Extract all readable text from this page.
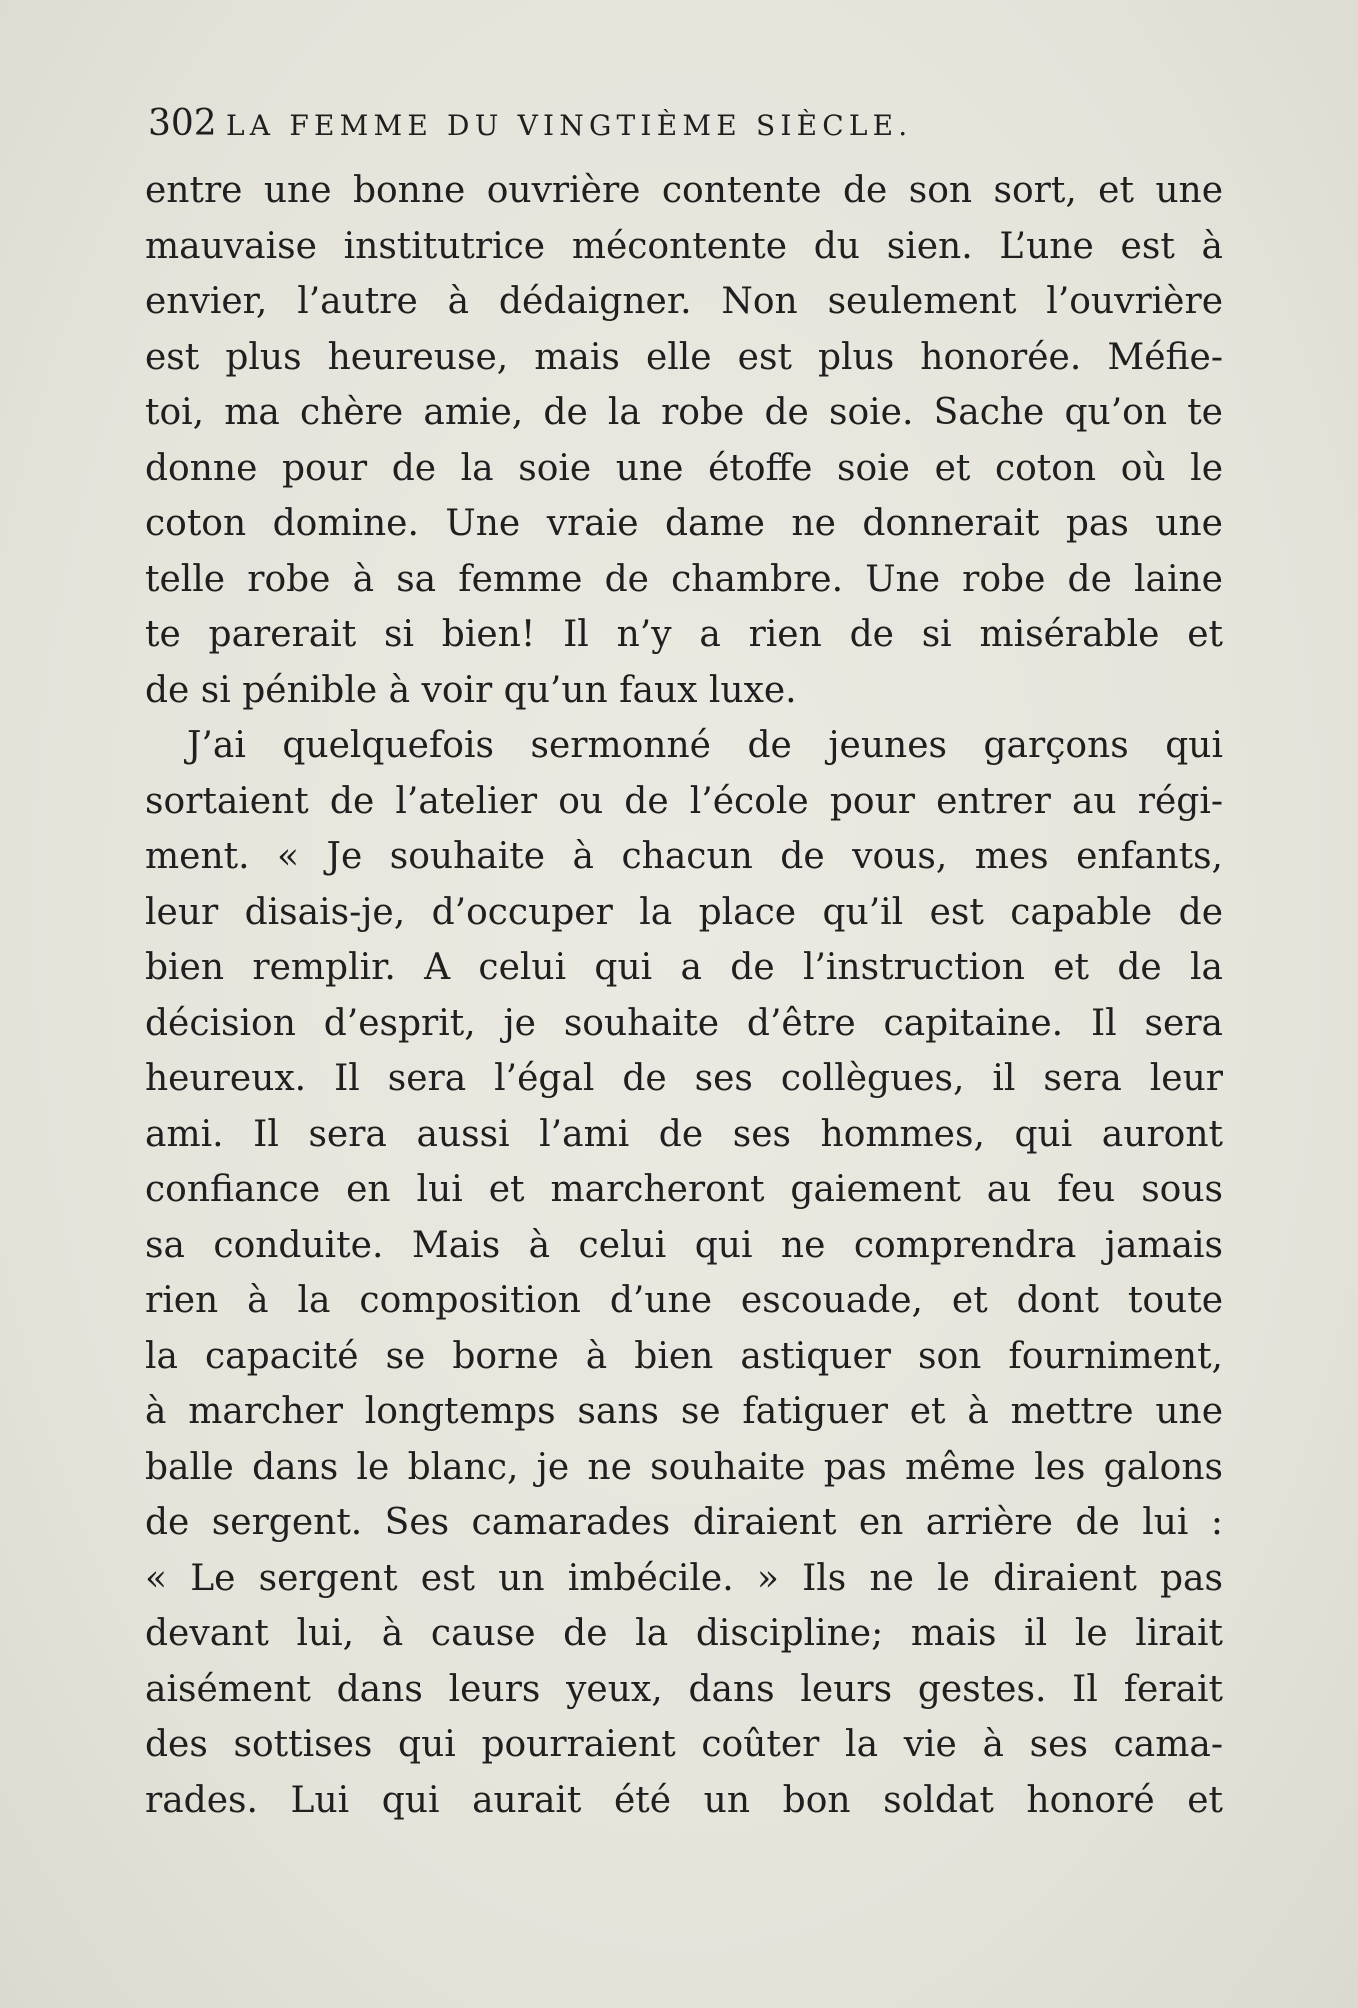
302 LA FEMME DU VINGTIÈME SIÈCLE.
entre une bonne ouvrière contente de son sort, et une
mauvaise institutrice mécontente du sien. L’une est à
envier, l’autre à dédaigner. Non seulement l’ouvrière
est plus heureuse, mais elle est plus honorée. Méfie-
toi, ma chère amie, de la robe de soie. Sache qu’on te
donne pour de la soie une étoffe soie et coton où le
coton domine. Une vraie dame ne donnerait pas une
telle robe à sa femme de chambre. Une robe de laine
te parerait si bien! Il n’y a rien de si misérable et
de si pénible à voir qu’un faux luxe.
J’ai quelquefois sermonné de jeunes garçons qui
sortaient de l’atelier ou de l’école pour entrer au régi-
ment. « Je souhaite à chacun de vous, mes enfants,
leur disais-je, d’occuper la place qu’il est capable de
bien remplir. A celui qui a de l’instruction et de la
décision d’esprit, je souhaite d’être capitaine. Il sera
heureux. Il sera l’égal de ses collègues, il sera leur
ami. Il sera aussi l’ami de ses hommes, qui auront
confiance en lui et marcheront gaiement au feu sous
sa conduite. Mais à celui qui ne comprendra jamais
rien à la composition d’une escouade, et dont toute
la capacité se borne à bien astiquer son fourniment,
à marcher longtemps sans se fatiguer et à mettre une
balle dans le blanc, je ne souhaite pas même les galons
de sergent. Ses camarades diraient en arrière de lui :
« Le sergent est un imbécile. » Ils ne le diraient pas
devant lui, à cause de la discipline; mais il le lirait
aisément dans leurs yeux, dans leurs gestes. Il ferait
des sottises qui pourraient coûter la vie à ses cama-
rades. Lui qui aurait été un bon soldat honoré et
